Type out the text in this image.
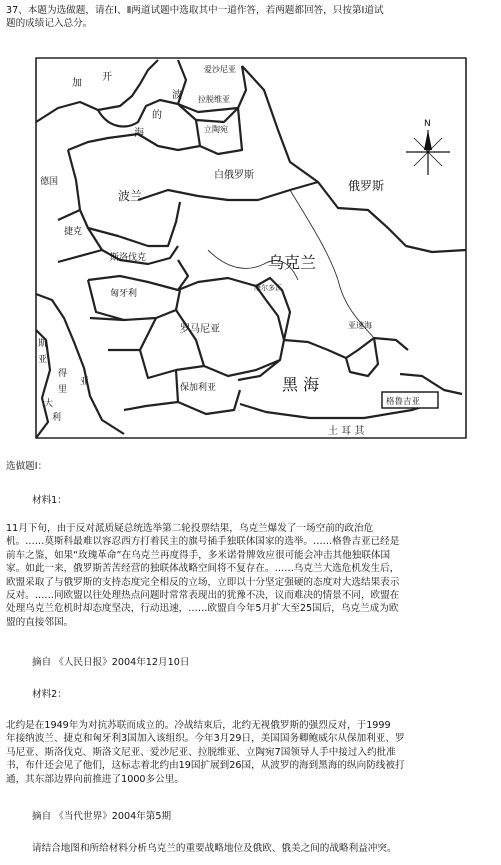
37、本题为选做题，请在Ⅰ、Ⅱ两道试题中选取其中一道作答，若两题都回答，只按第Ⅰ道试
题的成绩记入总分。
N
开
波
的
海
加
爱沙尼亚
拉脱维亚
立陶宛
白俄罗斯
俄罗斯
德国
波兰
捷克
斯洛伐克
匈牙利
乌克兰
摩尔多瓦
罗马尼亚
保加利亚	黑 海
亚速海
斯
亚
得
里
亚
大
利
土 耳 其
格鲁吉亚
选做题Ⅰ：
材料1：
11月下旬，由于反对派质疑总统选举第二轮投票结果，乌克兰爆发了一场空前的政治危
机。……莫斯科最难以容忍西方打着民主的旗号插手独联体国家的选举。……格鲁吉亚已经是
前车之鉴，如果“玫瑰革命”在乌克兰再度得手，多米诺骨牌效应很可能会冲击其他独联体国
家。如此一来，俄罗斯苦苦经营的独联体战略空间将不复存在。……乌克兰大选危机发生后，
欧盟采取了与俄罗斯的支持态度完全相反的立场，立即以十分坚定强硬的态度对大选结果表示
反对。……同欧盟以往处理热点问题时常常表现出的犹豫不决，议而难决的情景不同，欧盟在
处理乌克兰危机时却态度坚决，行动迅速，……欧盟自今年5月扩大至25国后，乌克兰成为欧
盟的直接邻国。
摘自 《人民日报》2004年12月10日
材料2：
北约是在1949年为对抗苏联而成立的。冷战结束后，北约无视俄罗斯的强烈反对，于1999
年接纳波兰、捷克和匈牙利3国加入该组织。今年3月29日，美国国务卿鲍威尔从保加利亚、罗
马尼亚、斯洛伐克、斯洛文尼亚、爱沙尼亚、拉脱维亚、立陶宛7国领导人手中接过入约批准
书，布什还会见了他们，这标志着北约由19国扩展到26国，从波罗的海到黑海的纵向防线被打
通，其东部边界向前推进了1000多公里。
摘自 《当代世界》2004年第5期
请结合地图和所给材料分析乌克兰的重要战略地位及俄欧、俄美之间的战略利益冲突。
